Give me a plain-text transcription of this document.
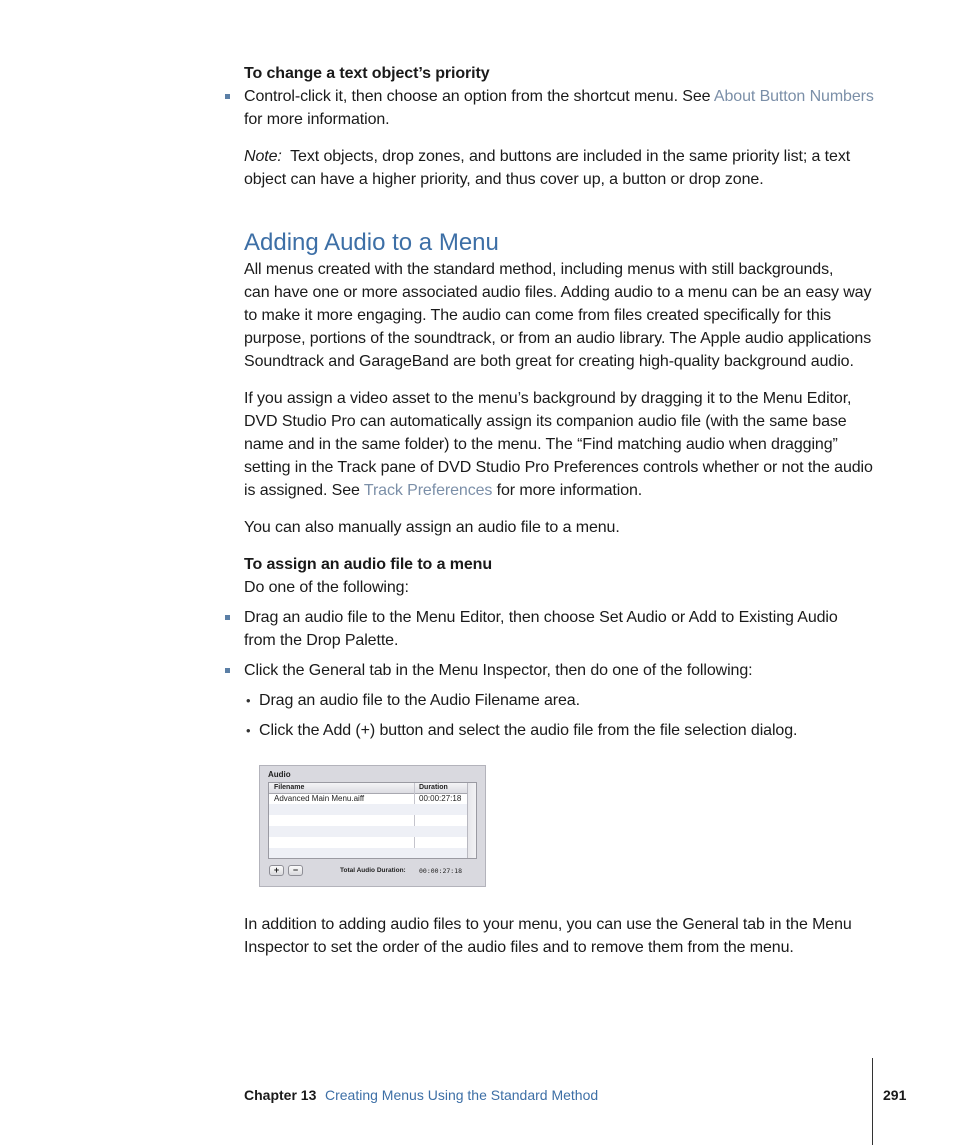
To change a text object’s priority
Control-click it, then choose an option from the shortcut menu. See About Button Numbers
for more information.
Note: Text objects, drop zones, and buttons are included in the same priority list; a text
object can have a higher priority, and thus cover up, a button or drop zone.
Adding Audio to a Menu
All menus created with the standard method, including menus with still backgrounds,
can have one or more associated audio files. Adding audio to a menu can be an easy way
to make it more engaging. The audio can come from files created specifically for this
purpose, portions of the soundtrack, or from an audio library. The Apple audio applications
Soundtrack and GarageBand are both great for creating high-quality background audio.
If you assign a video asset to the menu’s background by dragging it to the Menu Editor,
DVD Studio Pro can automatically assign its companion audio file (with the same base
name and in the same folder) to the menu. The “Find matching audio when dragging”
setting in the Track pane of DVD Studio Pro Preferences controls whether or not the audio
is assigned. See Track Preferences for more information.
You can also manually assign an audio file to a menu.
To assign an audio file to a menu
Do one of the following:
Drag an audio file to the Menu Editor, then choose Set Audio or Add to Existing Audio
from the Drop Palette.
Click the General tab in the Menu Inspector, then do one of the following:
• Drag an audio file to the Audio Filename area.
• Click the Add (+) button and select the audio file from the file selection dialog.
Audio
Filename	Duration
Advanced Main Menu.aiff	00:00:27:18
+	−	Total Audio Duration: 00:00:27:18
In addition to adding audio files to your menu, you can use the General tab in the Menu
Inspector to set the order of the audio files and to remove them from the menu.
Chapter 13 Creating Menus Using the Standard Method	291
